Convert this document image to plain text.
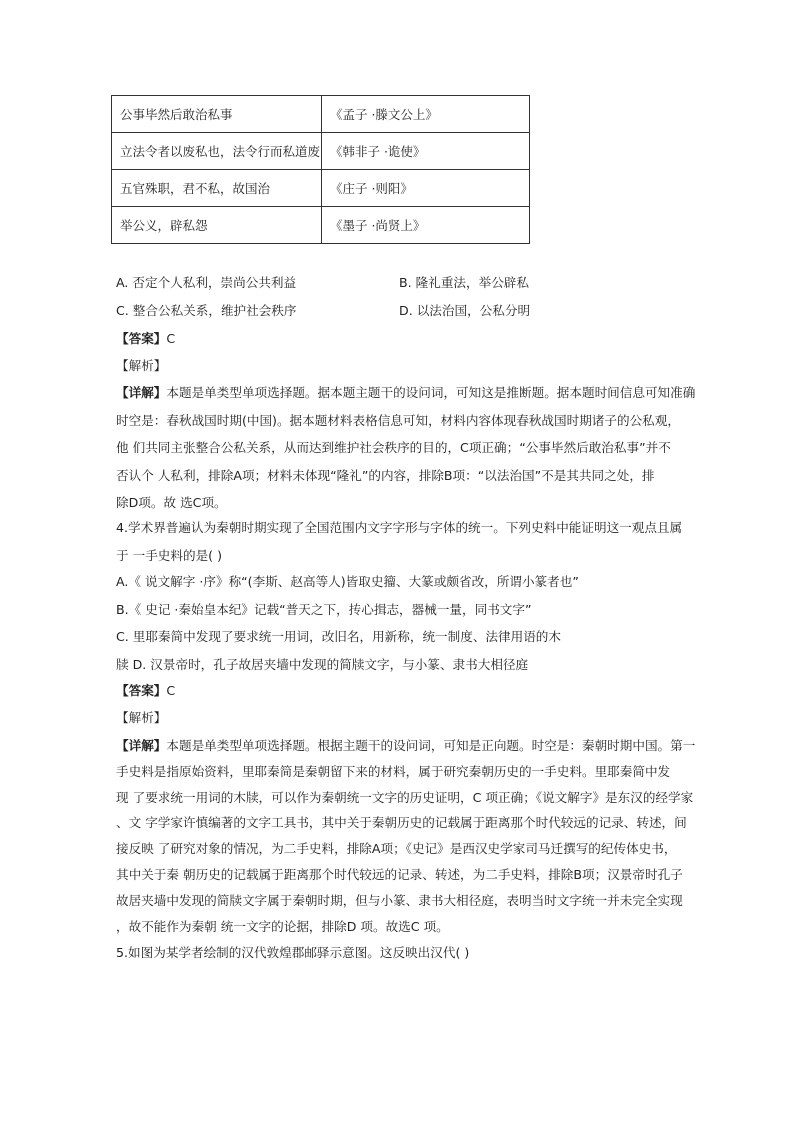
公事毕然后敢治私事	《孟子 ·滕文公上》
立法令者以废私也，法令行而私道废	《韩非子 ·诡使》
五官殊职，君不私，故国治	《庄子 ·则阳》
举公义，辟私怨	《墨子 ·尚贤上》
A. 否定个人私利，崇尚公共利益	B. 隆礼重法，举公辟私
C. 整合公私关系，维护社会秩序	D. 以法治国，公私分明
【答案】C
【解析】
【详解】本题是单类型单项选择题。据本题主题干的设问词，可知这是推断题。据本题时间信息可知准确
时空是：春秋战国时期(中国)。据本题材料表格信息可知，材料内容体现春秋战国时期诸子的公私观，
他 们共同主张整合公私关系，从而达到维护社会秩序的目的，C项正确；“公事毕然后敢治私事”并不
否认个 人私利，排除A项；材料未体现“隆礼”的内容，排除B项：“以法治国”不是其共同之处，排
除D项。故 选C项。
4.学术界普遍认为秦朝时期实现了全国范围内文字字形与字体的统一。下列史料中能证明这一观点且属
于 一手史料的是( )
A.《 说文解字 ·序》称“(李斯、赵高等人)皆取史籀、大篆或颇省改，所谓小篆者也”
B.《 史记 ·秦始皇本纪》记载“普天之下，抟心揖志，器械一量，同书文字”
C. 里耶秦简中发现了要求统一用词，改旧名，用新称，统一制度、法律用语的木
牍 D. 汉景帝时，孔子故居夹墙中发现的简牍文字，与小篆、隶书大相径庭
【答案】C
【解析】
【详解】本题是单类型单项选择题。根据主题干的设问词，可知是正向题。时空是：秦朝时期中国。第一
手史料是指原始资料，里耶秦简是秦朝留下来的材料，属于研究秦朝历史的一手史料。里耶秦简中发
现 了要求统一用词的木牍，可以作为秦朝统一文字的历史证明，C 项正确；《说文解字》是东汉的经学家
、文 字学家许慎编著的文字工具书，其中关于秦朝历史的记载属于距离那个时代较远的记录、转述，间
接反映 了研究对象的情况，为二手史料，排除A项；《史记》是西汉史学家司马迁撰写的纪传体史书，
其中关于秦 朝历史的记载属于距离那个时代较远的记录、转述，为二手史料，排除B项；汉景帝时孔子
故居夹墙中发现的简牍文字属于秦朝时期，但与小篆、隶书大相径庭，表明当时文字统一并未完全实现
，故不能作为秦朝 统一文字的论据，排除D 项。故选C 项。
5.如图为某学者绘制的汉代敦煌郡邮驿示意图。这反映出汉代( )
